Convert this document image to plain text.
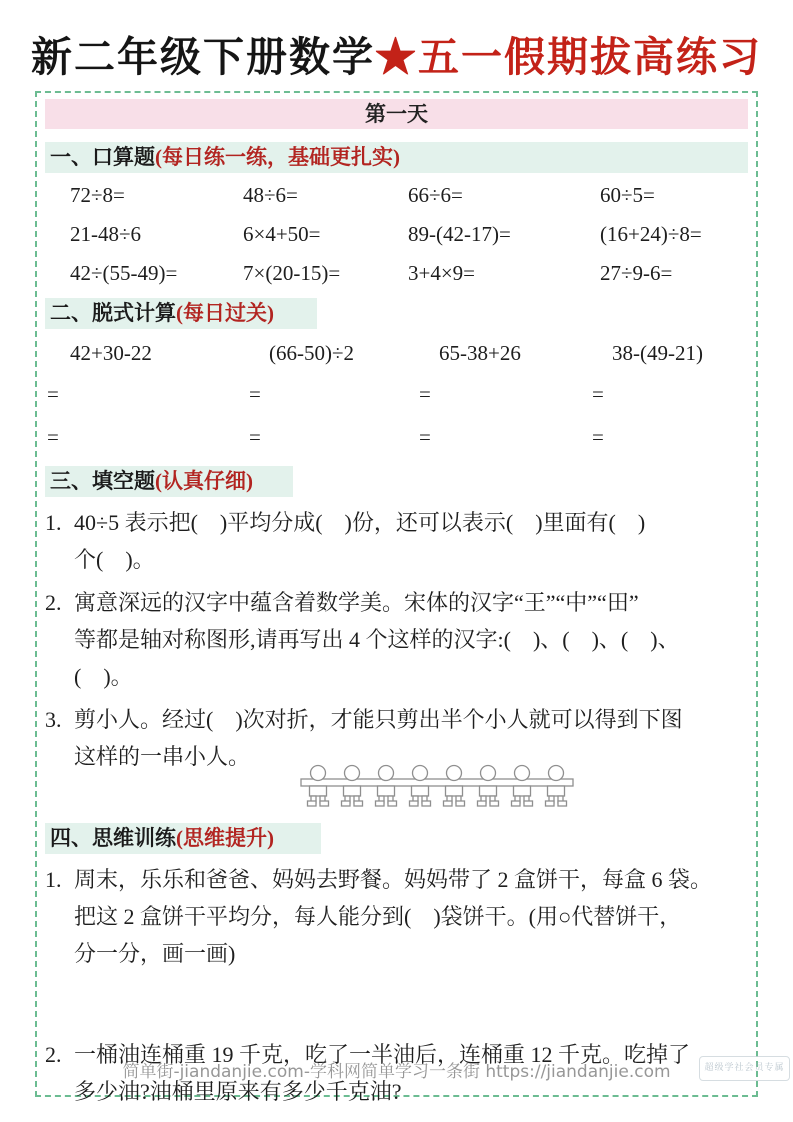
新二年级下册数学★五一假期拔高练习
第一天
一、口算题(每日练一练，基础更扎实)
72÷8=	48÷6=	66÷6=	60÷5=
21-48÷6	6×4+50=	89-(42-17)=	(16+24)÷8=
42÷(55-49)=	7×(20-15)=	3+4×9=	27÷9-6=
二、脱式计算(每日过关)
42+30-22	(66-50)÷2	65-38+26	38-(49-21)
=	=	=	=
=	=	=	=
三、填空题(认真仔细)
1. 40÷5 表示把(    )平均分成(    )份，还可以表示(    )里面有(    )
个(    )。
2. 寓意深远的汉字中蕴含着数学美。宋体的汉字“王”“中”“田”
等都是轴对称图形,请再写出 4 个这样的汉字:(    )、(    )、(    )、
(    )。
3. 剪小人。经过(    )次对折，才能只剪出半个小人就可以得到下图
这样的一串小人。
四、思维训练(思维提升)
1. 周末，乐乐和爸爸、妈妈去野餐。妈妈带了 2 盒饼干，每盒 6 袋。
把这 2 盒饼干平均分，每人能分到(    )袋饼干。(用○代替饼干，
分一分，画一画)
2. 一桶油连桶重 19 千克，吃了一半油后，连桶重 12 千克。吃掉了
多少油?油桶里原来有多少千克油?
简单街-jiandanjie.com-学科网简单学习一条街 https://jiandanjie.com	超级学社会员专属
